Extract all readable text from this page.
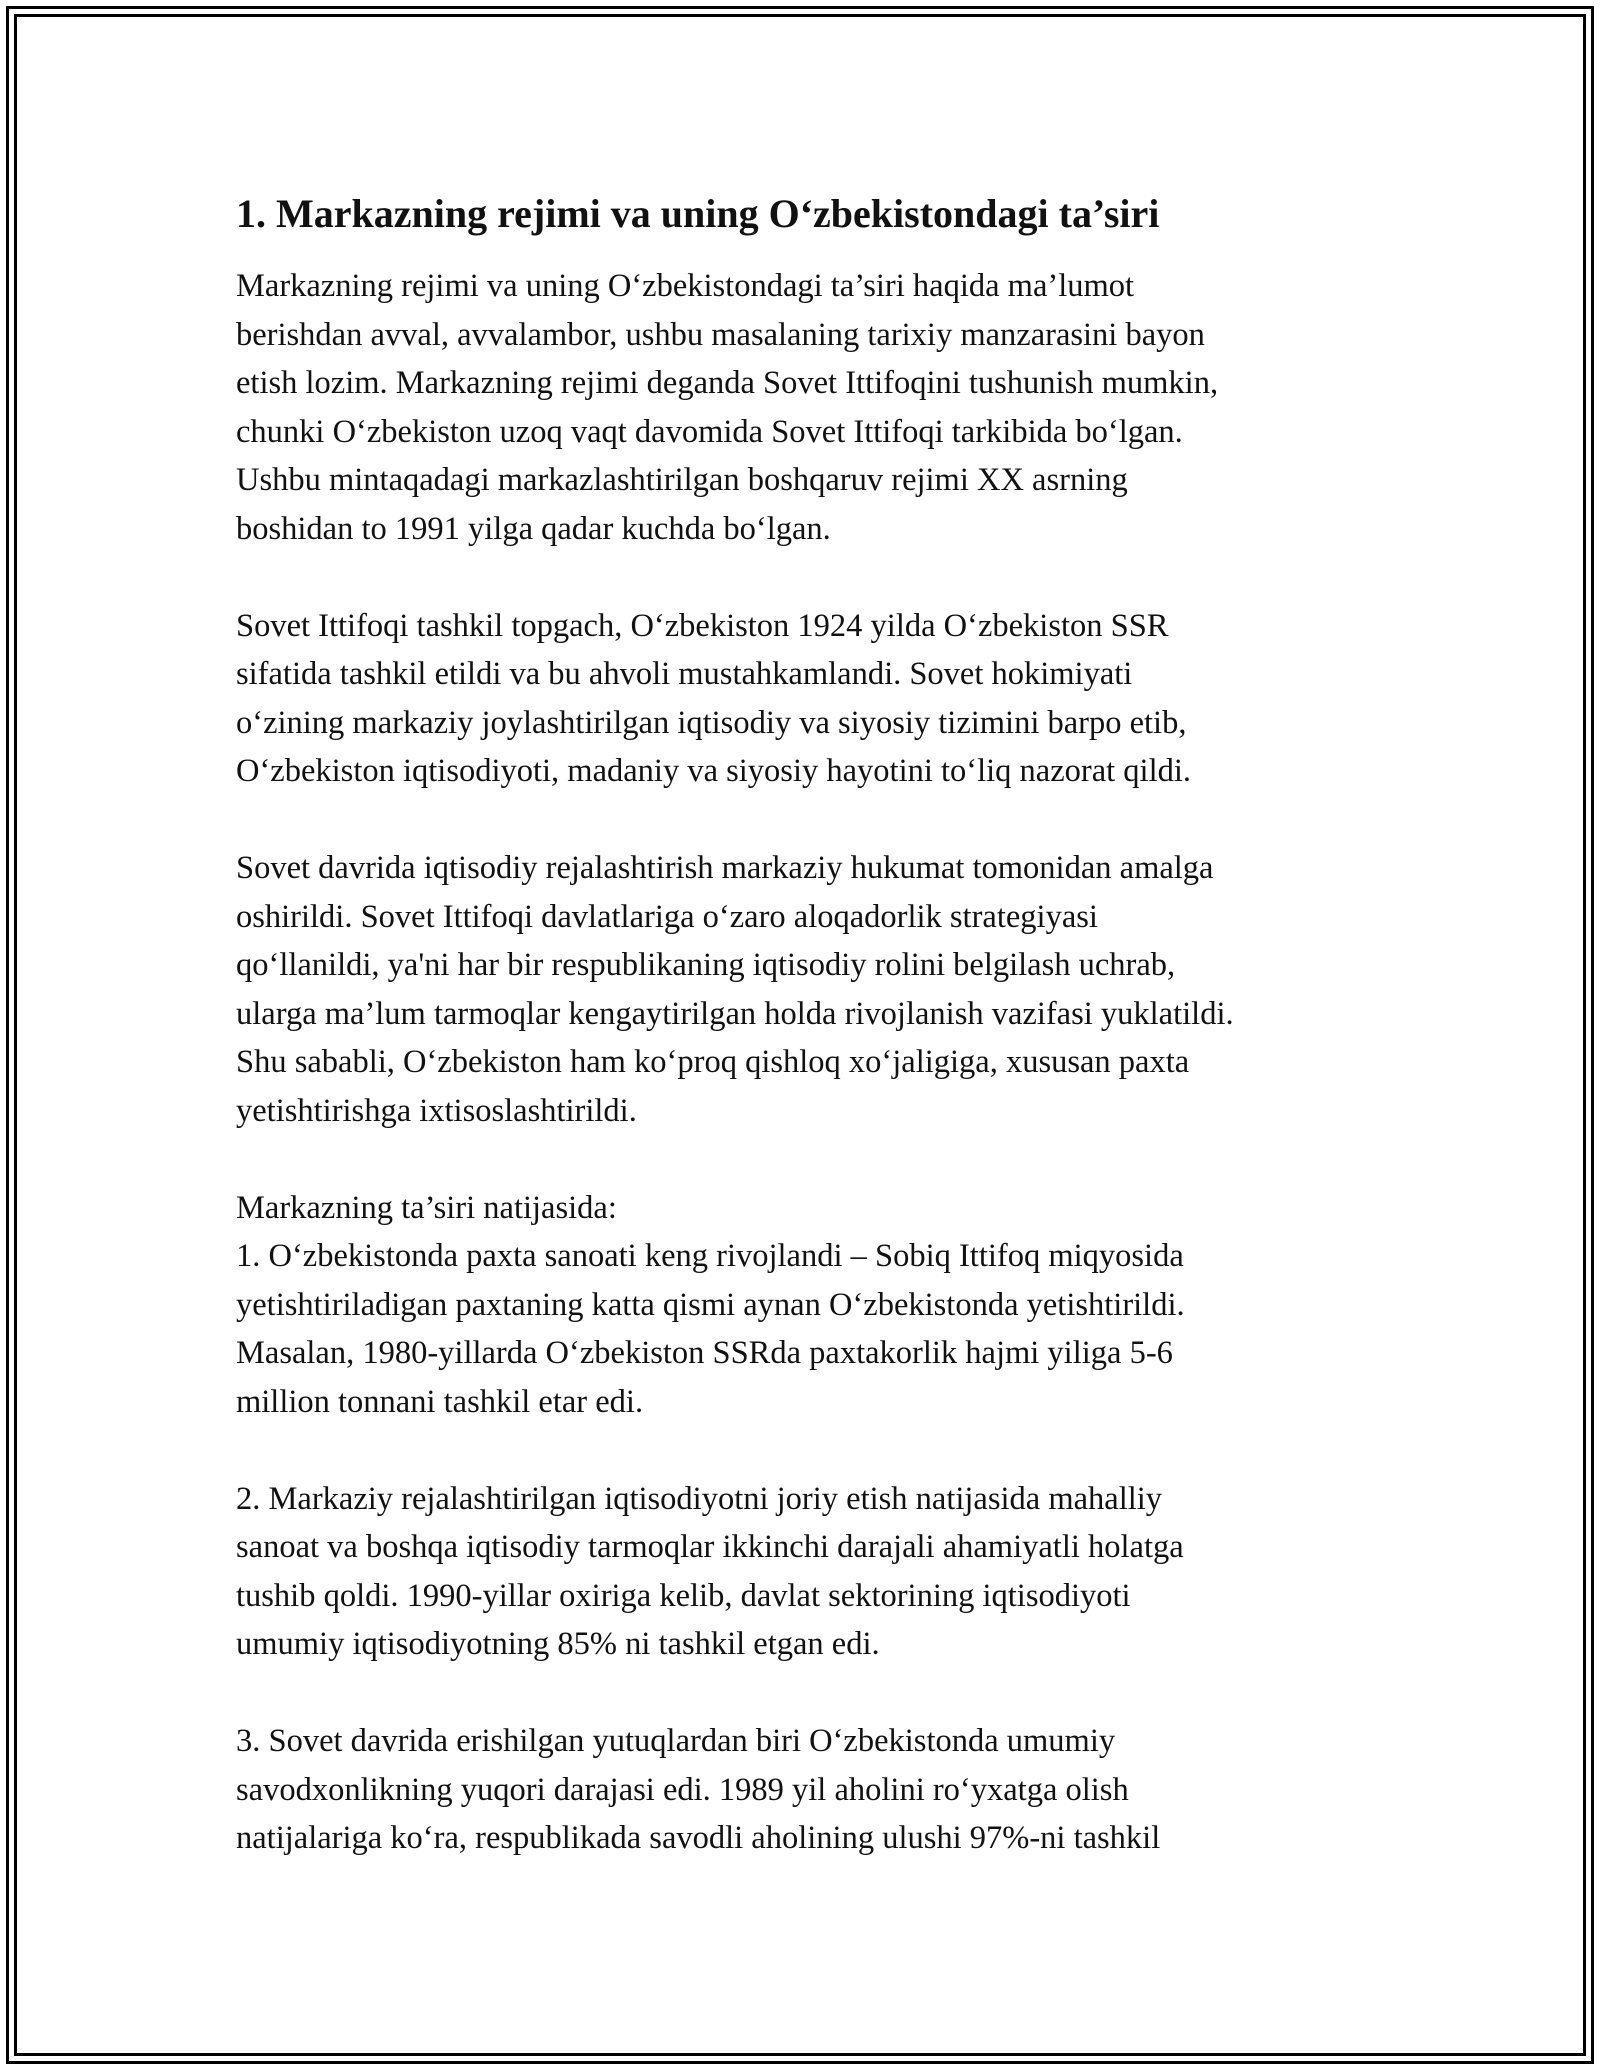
1. Markazning rejimi va uning O‘zbekistondagi ta’siri

Markazning rejimi va uning O‘zbekistondagi ta’siri haqida ma’lumot
berishdan avval, avvalambor, ushbu masalaning tarixiy manzarasini bayon
etish lozim. Markazning rejimi deganda Sovet Ittifoqini tushunish mumkin,
chunki O‘zbekiston uzoq vaqt davomida Sovet Ittifoqi tarkibida bo‘lgan.
Ushbu mintaqadagi markazlashtirilgan boshqaruv rejimi XX asrning
boshidan to 1991 yilga qadar kuchda bo‘lgan.

Sovet Ittifoqi tashkil topgach, O‘zbekiston 1924 yilda O‘zbekiston SSR
sifatida tashkil etildi va bu ahvoli mustahkamlandi. Sovet hokimiyati
o‘zining markaziy joylashtirilgan iqtisodiy va siyosiy tizimini barpo etib,
O‘zbekiston iqtisodiyoti, madaniy va siyosiy hayotini to‘liq nazorat qildi.

Sovet davrida iqtisodiy rejalashtirish markaziy hukumat tomonidan amalga
oshirildi. Sovet Ittifoqi davlatlariga o‘zaro aloqadorlik strategiyasi
qo‘llanildi, ya'ni har bir respublikaning iqtisodiy rolini belgilash uchrab,
ularga ma’lum tarmoqlar kengaytirilgan holda rivojlanish vazifasi yuklatildi.
Shu sababli, O‘zbekiston ham ko‘proq qishloq xo‘jaligiga, xususan paxta
yetishtirishga ixtisoslashtirildi.

Markazning ta’siri natijasida:
1. O‘zbekistonda paxta sanoati keng rivojlandi – Sobiq Ittifoq miqyosida
yetishtiriladigan paxtaning katta qismi aynan O‘zbekistonda yetishtirildi.
Masalan, 1980-yillarda O‘zbekiston SSRda paxtakorlik hajmi yiliga 5-6
million tonnani tashkil etar edi.

2. Markaziy rejalashtirilgan iqtisodiyotni joriy etish natijasida mahalliy
sanoat va boshqa iqtisodiy tarmoqlar ikkinchi darajali ahamiyatli holatga
tushib qoldi. 1990-yillar oxiriga kelib, davlat sektorining iqtisodiyoti
umumiy iqtisodiyotning 85% ni tashkil etgan edi.

3. Sovet davrida erishilgan yutuqlardan biri O‘zbekistonda umumiy
savodxonlikning yuqori darajasi edi. 1989 yil aholini ro‘yxatga olish
natijalariga ko‘ra, respublikada savodli aholining ulushi 97%-ni tashkil
